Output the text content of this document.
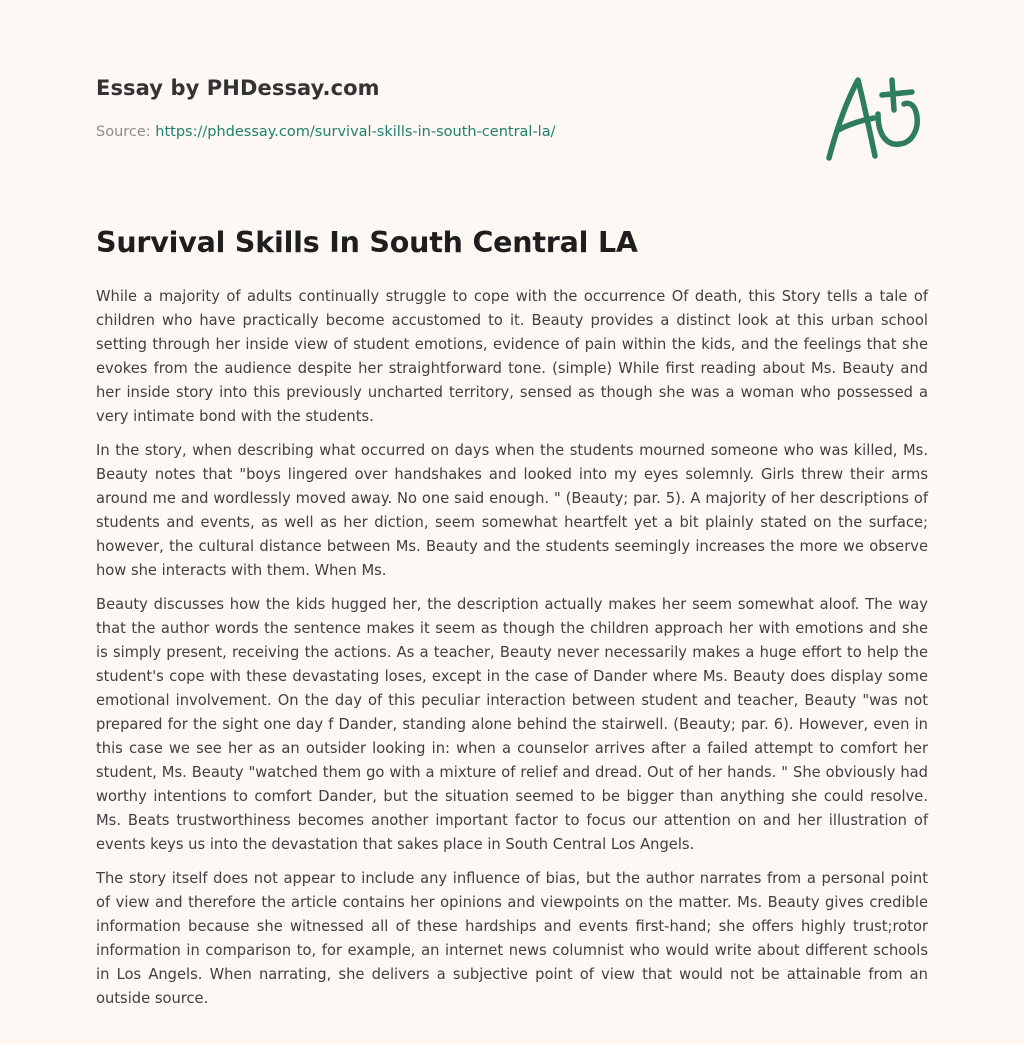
Essay by PHDessay.com
Source: https://phdessay.com/survival-skills-in-south-central-la/
Survival Skills In South Central LA

While a majority of adults continually struggle to cope with the occurrence Of death, this Story tells a tale of children who have practically become accustomed to it. Beauty provides a distinct look at this urban school setting through her inside view of student emotions, evidence of pain within the kids, and the feelings that she evokes from the audience despite her straightforward tone. (simple) While first reading about Ms. Beauty and her inside story into this previously uncharted territory, sensed as though she was a woman who possessed a very intimate bond with the students.

In the story, when describing what occurred on days when the students mourned someone who was killed, Ms. Beauty notes that "boys lingered over handshakes and looked into my eyes solemnly. Girls threw their arms around me and wordlessly moved away. No one said enough. " (Beauty; par. 5). A majority of her descriptions of students and events, as well as her diction, seem somewhat heartfelt yet a bit plainly stated on the surface; however, the cultural distance between Ms. Beauty and the students seemingly increases the more we observe how she interacts with them. When Ms.

Beauty discusses how the kids hugged her, the description actually makes her seem somewhat aloof. The way that the author words the sentence makes it seem as though the children approach her with emotions and she is simply present, receiving the actions. As a teacher, Beauty never necessarily makes a huge effort to help the student's cope with these devastating loses, except in the case of Dander where Ms. Beauty does display some emotional involvement. On the day of this peculiar interaction between student and teacher, Beauty "was not prepared for the sight one day f Dander, standing alone behind the stairwell. (Beauty; par. 6). However, even in this case we see her as an outsider looking in: when a counselor arrives after a failed attempt to comfort her student, Ms. Beauty "watched them go with a mixture of relief and dread. Out of her hands. " She obviously had worthy intentions to comfort Dander, but the situation seemed to be bigger than anything she could resolve. Ms. Beats trustworthiness becomes another important factor to focus our attention on and her illustration of events keys us into the devastation that sakes place in South Central Los Angels.

The story itself does not appear to include any influence of bias, but the author narrates from a personal point of view and therefore the article contains her opinions and viewpoints on the matter. Ms. Beauty gives credible information because she witnessed all of these hardships and events first-hand; she offers highly trust;rotor information in comparison to, for example, an internet news columnist who would write about different schools in Los Angels. When narrating, she delivers a subjective point of view that would not be attainable from an outside source.
